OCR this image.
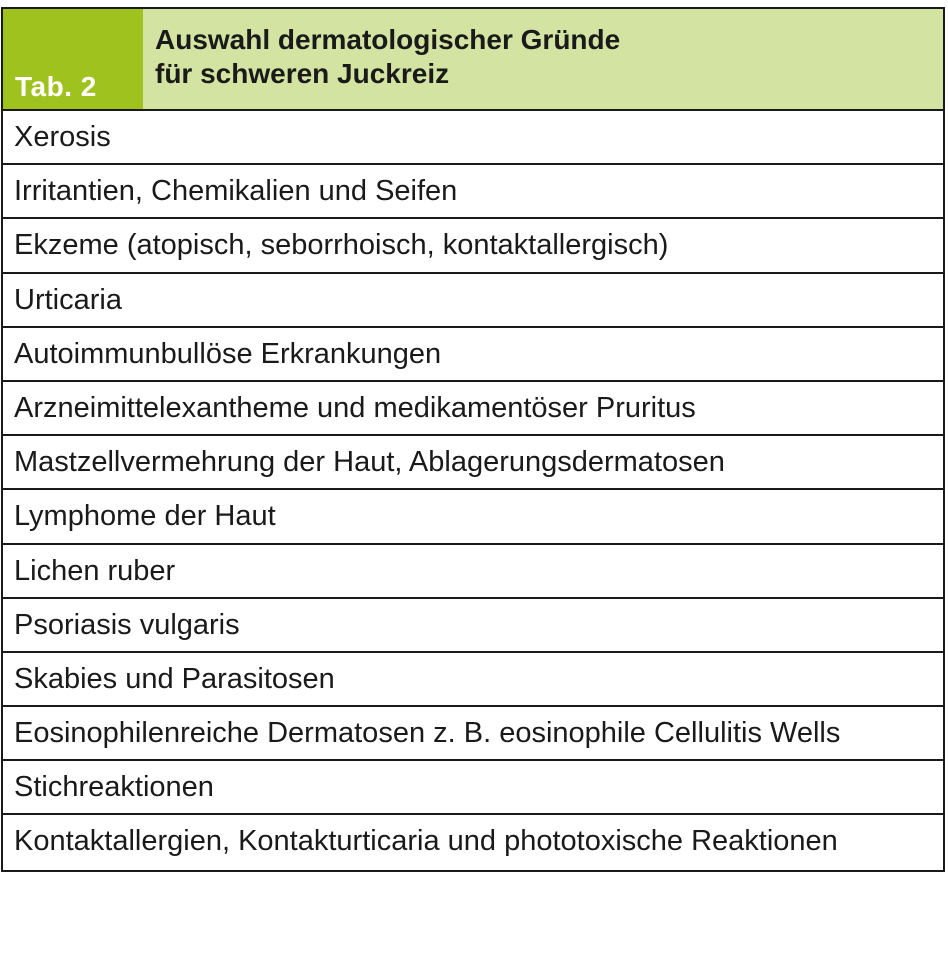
Tab. 2
Auswahl dermatologischer Gründe
für schweren Juckreiz
Xerosis
Irritantien, Chemikalien und Seifen
Ekzeme (atopisch, seborrhoisch, kontaktallergisch)
Urticaria
Autoimmunbullöse Erkrankungen
Arzneimittelexantheme und medikamentöser Pruritus
Mastzellvermehrung der Haut, Ablagerungsdermatosen
Lymphome der Haut
Lichen ruber
Psoriasis vulgaris
Skabies und Parasitosen
Eosinophilenreiche Dermatosen z. B. eosinophile Cellulitis Wells
Stichreaktionen
Kontaktallergien, Kontakturticaria und phototoxische Reaktionen
